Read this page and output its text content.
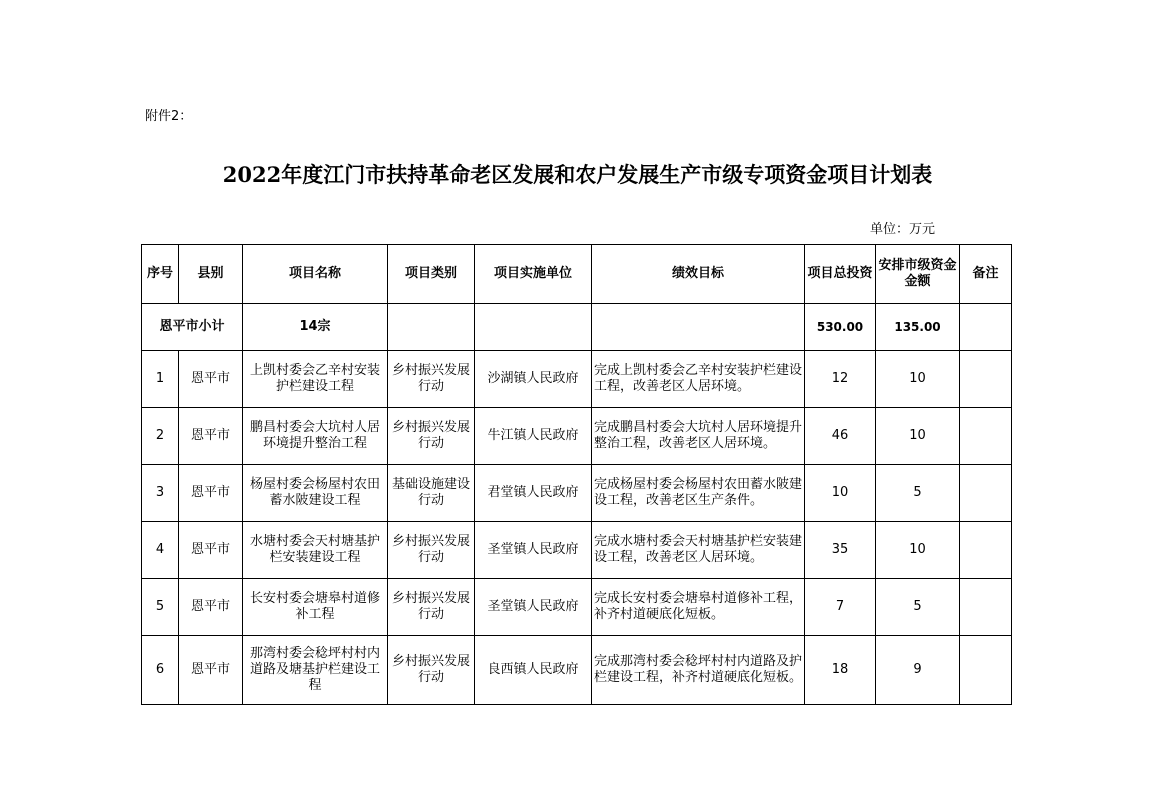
附件2：
2022年度江门市扶持革命老区发展和农户发展生产市级专项资金项目计划表
单位：万元
序号	县别	项目名称	项目类别	项目实施单位	绩效目标	项目总投资	安排市级资金金额	备注
恩平市小计		14宗				530.00	135.00	
1	恩平市	上凯村委会乙辛村安装护栏建设工程	乡村振兴发展行动	沙湖镇人民政府	完成上凯村委会乙辛村安装护栏建设工程，改善老区人居环境。	12	10	
2	恩平市	鹏昌村委会大坑村人居环境提升整治工程	乡村振兴发展行动	牛江镇人民政府	完成鹏昌村委会大坑村人居环境提升整治工程，改善老区人居环境。	46	10	
3	恩平市	杨屋村委会杨屋村农田蓄水陂建设工程	基础设施建设行动	君堂镇人民政府	完成杨屋村委会杨屋村农田蓄水陂建设工程，改善老区生产条件。	10	5	
4	恩平市	水塘村委会天村塘基护栏安装建设工程	乡村振兴发展行动	圣堂镇人民政府	完成水塘村委会天村塘基护栏安装建设工程，改善老区人居环境。	35	10	
5	恩平市	长安村委会塘皋村道修补工程	乡村振兴发展行动	圣堂镇人民政府	完成长安村委会塘皋村道修补工程，补齐村道硬底化短板。	7	5	
6	恩平市	那湾村委会稔坪村村内道路及塘基护栏建设工程	乡村振兴发展行动	良西镇人民政府	完成那湾村委会稔坪村村内道路及护栏建设工程，补齐村道硬底化短板。	18	9	
